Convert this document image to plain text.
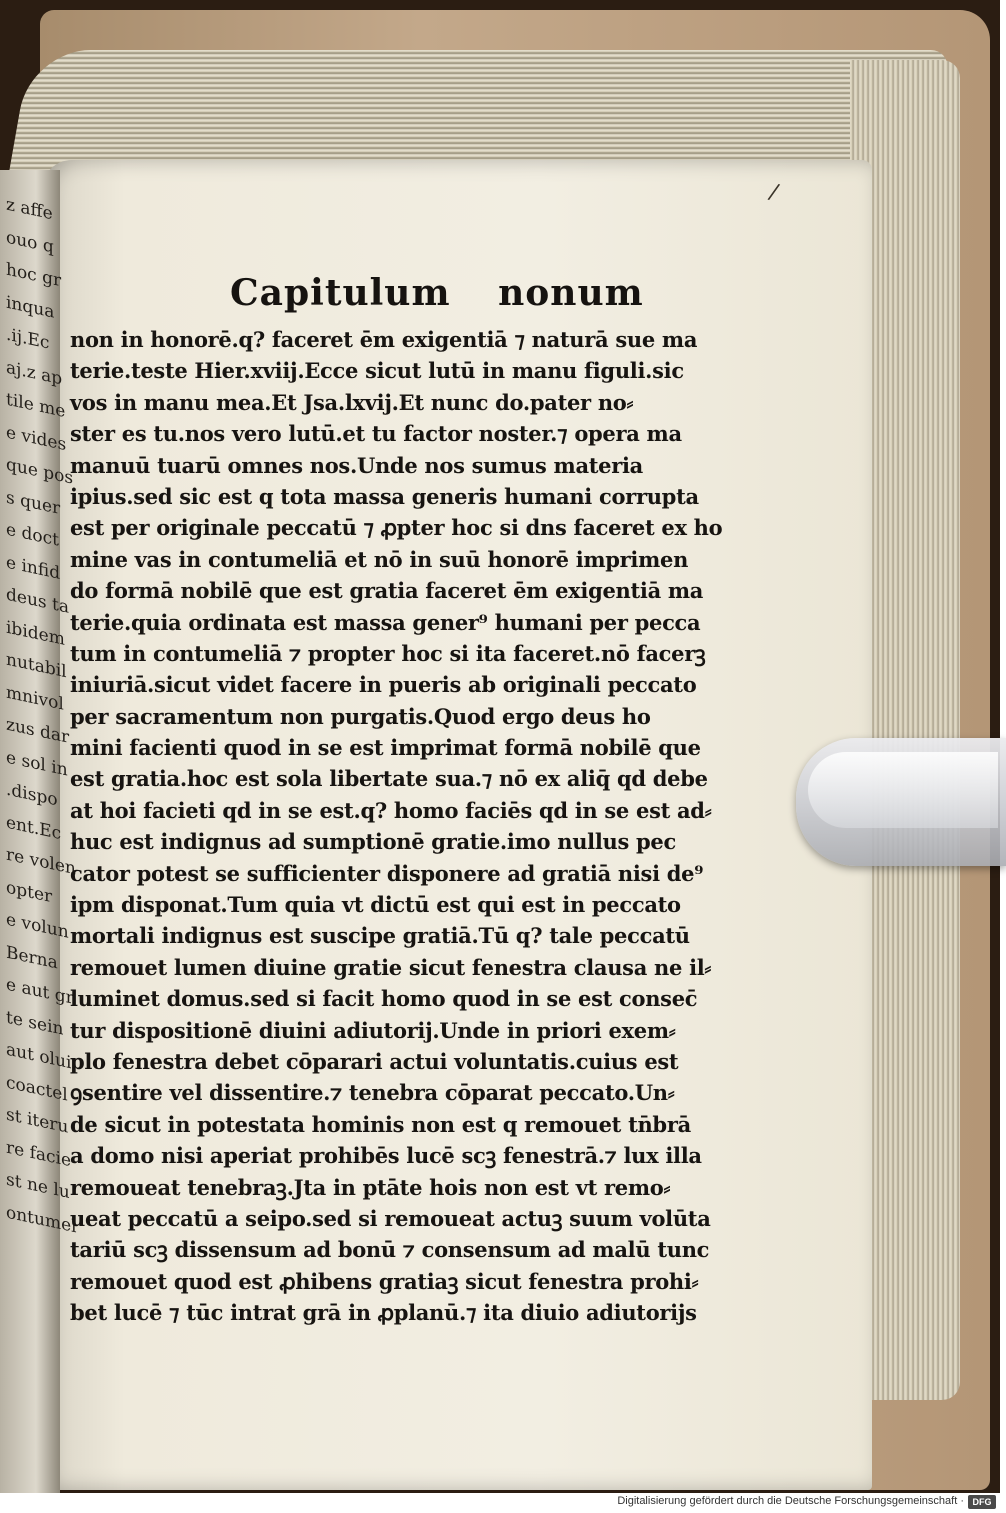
z affe
ouo q
hoc gr
inqua
.ij.Ec
aj.z ap
tile me
e vides
que pos
s quer
e doct
e infid
deus ta
ibidem
nutabil
mnivol
zus dar
e sol in
.dispo
ent.Ec
re volen
opter
e volun
Berna
e aut gr
te sein
aut olui
coactel
st iteru
re facie
st ne lu
ontumel
/
Capitulum nonum
non in honorē.q? faceret ēm exigentiā ⁊ naturā sue ma
terie.teste Hier.xviij.Ecce sicut lutū in manu figuli.sic
vos in manu mea.Et Jsa.lxvij.Et nunc do.pater no⸗
ster es tu.nos vero lutū.et tu factor noster.⁊ opera ma
manuū tuarū omnes nos.Unde nos sumus materia
ipius.sed sic est q tota massa generis humani corrupta
est per originale peccatū ⁊ ꝓpter hoc si dns faceret ex ho
mine vas in contumeliā et nō in suū honorē imprimen
do formā nobilē que est gratia faceret ēm exigentiā ma
terie.quia ordinata est massa gener⁹ humani per pecca
tum in contumeliā ⁊ propter hoc si ita faceret.nō facerꝫ
iniuriā.sicut videt facere in pueris ab originali peccato
per sacramentum non purgatis.Quod ergo deus ho
mini facienti quod in se est imprimat formā nobilē que
est gratia.hoc est sola libertate sua.⁊ nō ex aliq̄ qd debe
at hoi facieti qd in se est.q? homo faciēs qd in se est ad⸗
huc est indignus ad sumptionē gratie.imo nullus pec
cator potest se sufficienter disponere ad gratiā nisi de⁹
ipm disponat.Tum quia vt dictū est qui est in peccato
mortali indignus est suscipe gratiā.Tū q? tale peccatū
remouet lumen diuine gratie sicut fenestra clausa ne il⸗
luminet domus.sed si facit homo quod in se est consec̄
tur dispositionē diuini adiutorij.Unde in priori exem⸗
plo fenestra debet cōparari actui voluntatis.cuius est
ꝯsentire vel dissentire.⁊ tenebra cōparat peccato.Un⸗
de sicut in potestata hominis non est q remouet tn̄brā
a domo nisi aperiat prohibēs lucē scꝫ fenestrā.⁊ lux illa
remoueat tenebraꝫ.Jta in ptāte hois non est vt remo⸗
ueat peccatū a seipo.sed si remoueat actuꝫ suum volūta
tariū scꝫ dissensum ad bonū ⁊ consensum ad malū tunc
remouet quod est ꝓhibens gratiaꝫ sicut fenestra prohi⸗
bet lucē ⁊ tūc intrat grā in ꝓplanū.⁊ ita diuio adiutorijs
Digitalisierung gefördert durch die Deutsche Forschungsgemeinschaft · DFG
